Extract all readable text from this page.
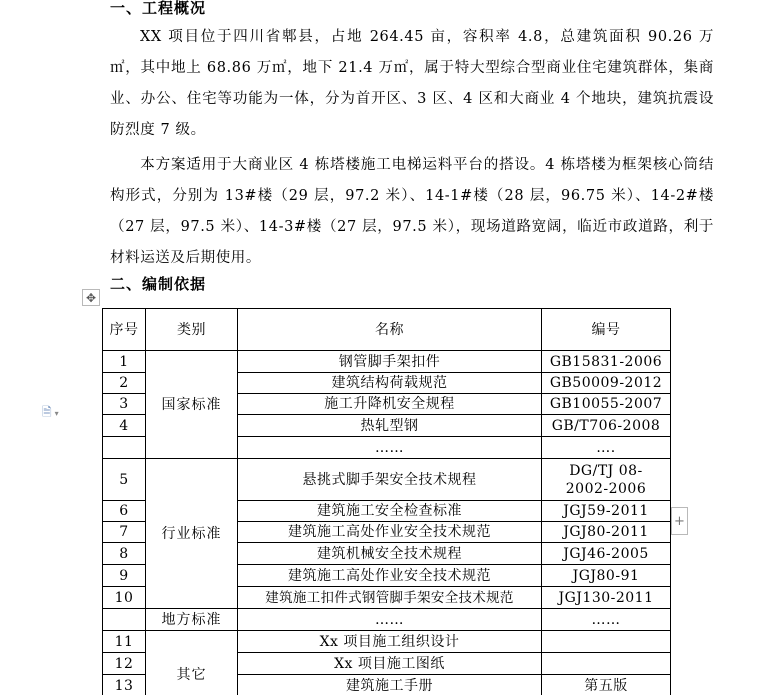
一、工程概况

XX 项目位于四川省郫县，占地 264.45 亩，容积率 4.8，总建筑面积 90.26 万 ㎡，其中地上 68.86 万㎡，地下 21.4 万㎡，属于特大型综合型商业住宅建筑群体，集商业、办公、住宅等功能为一体，分为首开区、3 区、4 区和大商业 4 个地块，建筑抗震设防烈度 7 级。

本方案适用于大商业区 4 栋塔楼施工电梯运料平台的搭设。4 栋塔楼为框架核心筒结构形式，分别为 13#楼（29 层，97.2 米）、14-1#楼（28 层，96.75 米）、14-2#楼（27 层，97.5 米）、14-3#楼（27 层，97.5 米），现场道路宽阔，临近市政道路，利于材料运送及后期使用。

二、编制依据
✥
🗎 ▾
序号	类别	名称	编号
1	国家标准	钢管脚手架扣件	GB15831-2006
2		建筑结构荷载规范	GB50009-2012
3		施工升降机安全规程	GB10055-2007
4		热轧型钢	GB/T706-2008
		……	….
5	行业标准	悬挑式脚手架安全技术规程	DG/TJ 08-2002-2006
6		建筑施工安全检查标准	JGJ59-2011
7		建筑施工高处作业安全技术规范	JGJ80-2011
8		建筑机械安全技术规程	JGJ46-2005
9		建筑施工高处作业安全技术规范	JGJ80-91
10		建筑施工扣件式钢管脚手架安全技术规范	JGJ130-2011
	地方标准	……	……
11	其它	Xx 项目施工组织设计	
12		Xx 项目施工图纸	
13		建筑施工手册	第五版
+
